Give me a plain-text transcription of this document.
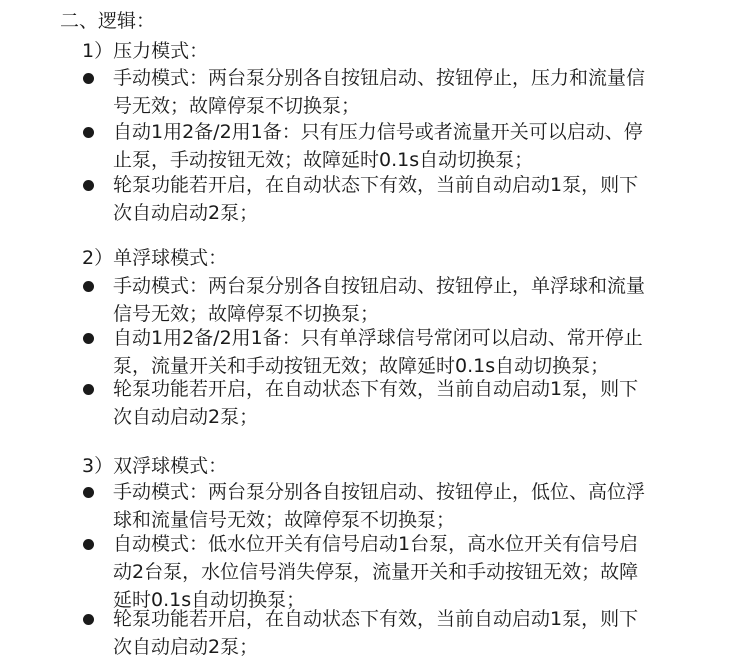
二、逻辑：
1）压力模式：
手动模式：两台泵分别各自按钮启动、按钮停止，压力和流量信
号无效；故障停泵不切换泵；
自动1用2备/2用1备：只有压力信号或者流量开关可以启动、停
止泵，手动按钮无效；故障延时0.1s自动切换泵；
轮泵功能若开启，在自动状态下有效，当前自动启动1泵，则下
次自动启动2泵；
2）单浮球模式：
手动模式：两台泵分别各自按钮启动、按钮停止，单浮球和流量
信号无效；故障停泵不切换泵；
自动1用2备/2用1备：只有单浮球信号常闭可以启动、常开停止
泵，流量开关和手动按钮无效；故障延时0.1s自动切换泵；
轮泵功能若开启，在自动状态下有效，当前自动启动1泵，则下
次自动启动2泵；
3）双浮球模式：
手动模式：两台泵分别各自按钮启动、按钮停止，低位、高位浮
球和流量信号无效；故障停泵不切换泵；
自动模式：低水位开关有信号启动1台泵，高水位开关有信号启
动2台泵，水位信号消失停泵，流量开关和手动按钮无效；故障
延时0.1s自动切换泵；
轮泵功能若开启，在自动状态下有效，当前自动启动1泵，则下
次自动启动2泵；
